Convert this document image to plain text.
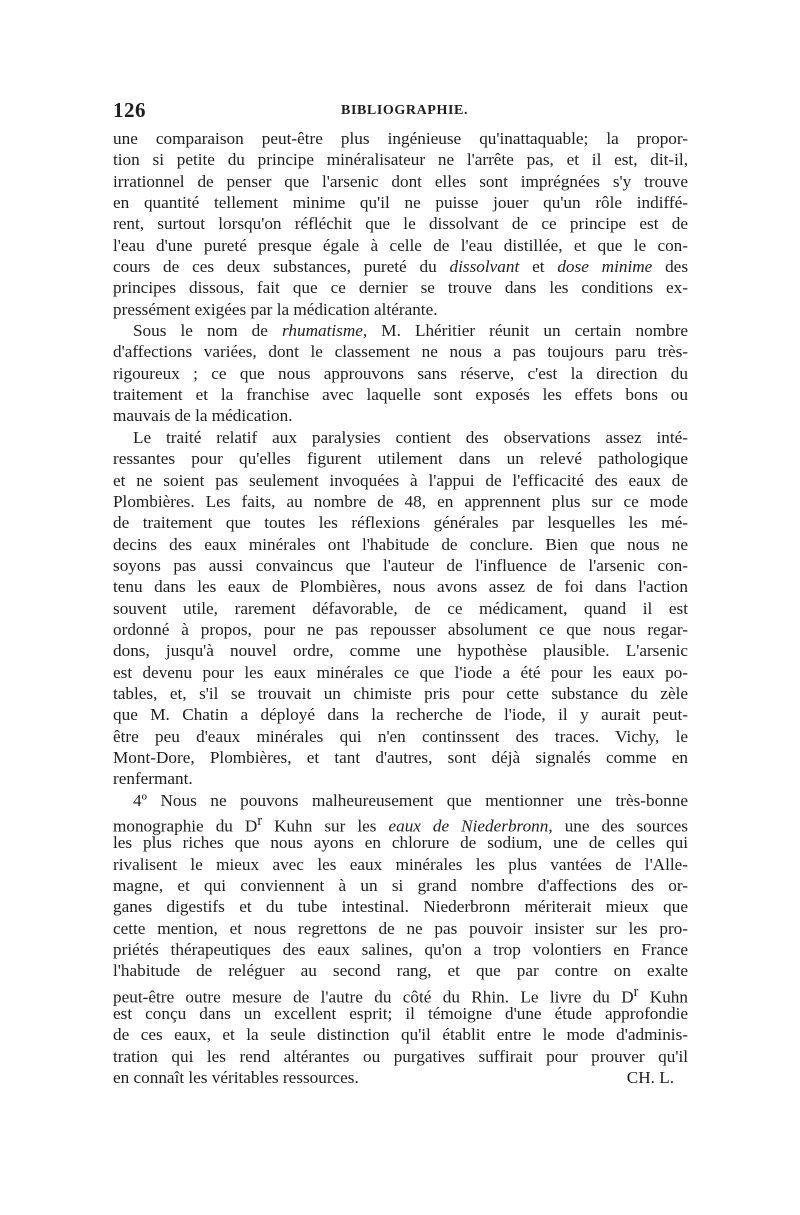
126	BIBLIOGRAPHIE.
une comparaison peut-être plus ingénieuse qu'inattaquable; la propor-
tion si petite du principe minéralisateur ne l'arrête pas, et il est, dit-il,
irrationnel de penser que l'arsenic dont elles sont imprégnées s'y trouve
en quantité tellement minime qu'il ne puisse jouer qu'un rôle indiffé-
rent, surtout lorsqu'on réfléchit que le dissolvant de ce principe est de
l'eau d'une pureté presque égale à celle de l'eau distillée, et que le con-
cours de ces deux substances, pureté du dissolvant et dose minime des
principes dissous, fait que ce dernier se trouve dans les conditions ex-
pressément exigées par la médication altérante.
Sous le nom de rhumatisme, M. Lhéritier réunit un certain nombre
d'affections variées, dont le classement ne nous a pas toujours paru très-
rigoureux ; ce que nous approuvons sans réserve, c'est la direction du
traitement et la franchise avec laquelle sont exposés les effets bons ou
mauvais de la médication.
Le traité relatif aux paralysies contient des observations assez inté-
ressantes pour qu'elles figurent utilement dans un relevé pathologique
et ne soient pas seulement invoquées à l'appui de l'efficacité des eaux de
Plombières. Les faits, au nombre de 48, en apprennent plus sur ce mode
de traitement que toutes les réflexions générales par lesquelles les mé-
decins des eaux minérales ont l'habitude de conclure. Bien que nous ne
soyons pas aussi convaincus que l'auteur de l'influence de l'arsenic con-
tenu dans les eaux de Plombières, nous avons assez de foi dans l'action
souvent utile, rarement défavorable, de ce médicament, quand il est
ordonné à propos, pour ne pas repousser absolument ce que nous regar-
dons, jusqu'à nouvel ordre, comme une hypothèse plausible. L'arsenic
est devenu pour les eaux minérales ce que l'iode a été pour les eaux po-
tables, et, s'il se trouvait un chimiste pris pour cette substance du zèle
que M. Chatin a déployé dans la recherche de l'iode, il y aurait peut-
être peu d'eaux minérales qui n'en continssent des traces. Vichy, le
Mont-Dore, Plombières, et tant d'autres, sont déjà signalés comme en
renfermant.
4º Nous ne pouvons malheureusement que mentionner une très-bonne
monographie du $D^r$ Kuhn sur les eaux de Niederbronn, une des sources
les plus riches que nous ayons en chlorure de sodium, une de celles qui
rivalisent le mieux avec les eaux minérales les plus vantées de l'Alle-
magne, et qui conviennent à un si grand nombre d'affections des or-
ganes digestifs et du tube intestinal. Niederbronn mériterait mieux que
cette mention, et nous regrettons de ne pas pouvoir insister sur les pro-
priétés thérapeutiques des eaux salines, qu'on a trop volontiers en France
l'habitude de reléguer au second rang, et que par contre on exalte
peut-être outre mesure de l'autre du côté du Rhin. Le livre du $D^r$ Kuhn
est conçu dans un excellent esprit; il témoigne d'une étude approfondie
de ces eaux, et la seule distinction qu'il établit entre le mode d'adminis-
tration qui les rend altérantes ou purgatives suffirait pour prouver qu'il
en connaît les véritables ressources.	CH. L.
